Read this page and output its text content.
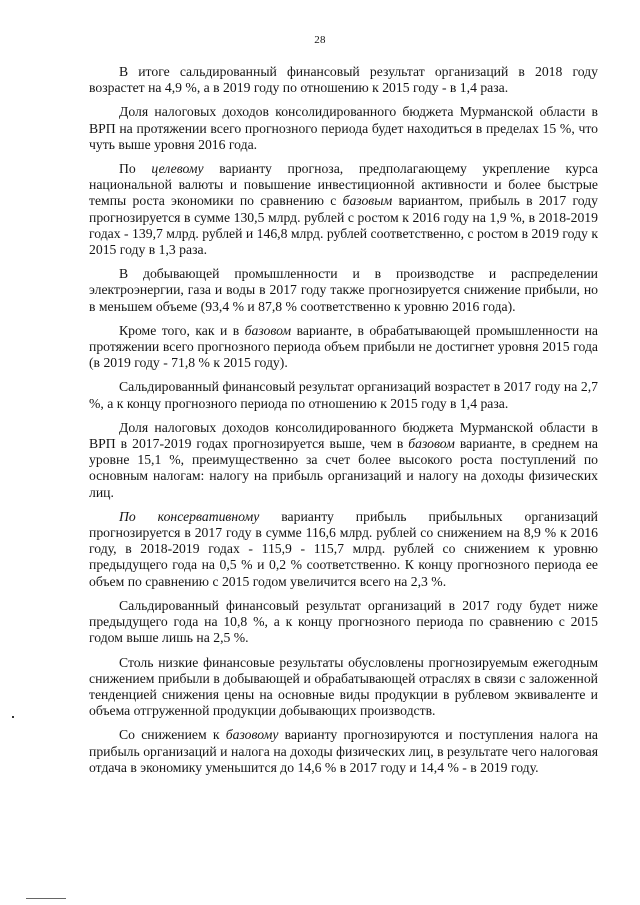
28

В итоге сальдированный финансовый результат организаций в 2018 году возрастет на 4,9 %, а в 2019 году по отношению к 2015 году - в 1,4 раза.

Доля налоговых доходов консолидированного бюджета Мурманской области в ВРП на протяжении всего прогнозного периода будет находиться в пределах 15 %, что чуть выше уровня 2016 года.

По целевому варианту прогноза, предполагающему укрепление курса национальной валюты и повышение инвестиционной активности и более быстрые темпы роста экономики по сравнению с базовым вариантом, прибыль в 2017 году прогнозируется в сумме 130,5 млрд. рублей с ростом к 2016 году на 1,9 %, в 2018-2019 годах - 139,7 млрд. рублей и 146,8 млрд. рублей соответственно, с ростом в 2019 году к 2015 году в 1,3 раза.

В добывающей промышленности и в производстве и распределении электроэнергии, газа и воды в 2017 году также прогнозируется снижение прибыли, но в меньшем объеме (93,4 % и 87,8 % соответственно к уровню 2016 года).

Кроме того, как и в базовом варианте, в обрабатывающей промышленности на протяжении всего прогнозного периода объем прибыли не достигнет уровня 2015 года (в 2019 году - 71,8 % к 2015 году).

Сальдированный финансовый результат организаций возрастет в 2017 году на 2,7 %, а к концу прогнозного периода по отношению к 2015 году в 1,4 раза.

Доля налоговых доходов консолидированного бюджета Мурманской области в ВРП в 2017-2019 годах прогнозируется выше, чем в базовом варианте, в среднем на уровне 15,1 %, преимущественно за счет более высокого роста поступлений по основным налогам: налогу на прибыль организаций и налогу на доходы физических лиц.

По консервативному варианту прибыль прибыльных организаций прогнозируется в 2017 году в сумме 116,6 млрд. рублей со снижением на 8,9 % к 2016 году, в 2018-2019 годах - 115,9 - 115,7 млрд. рублей со снижением к уровню предыдущего года на 0,5 % и 0,2 % соответственно. К концу прогнозного периода ее объем по сравнению с 2015 годом увеличится всего на 2,3 %.

Сальдированный финансовый результат организаций в 2017 году будет ниже предыдущего года на 10,8 %, а к концу прогнозного периода по сравнению с 2015 годом выше лишь на 2,5 %.

Столь низкие финансовые результаты обусловлены прогнозируемым ежегодным снижением прибыли в добывающей и обрабатывающей отраслях в связи с заложенной тенденцией снижения цены на основные виды продукции в рублевом эквиваленте и объема отгруженной продукции добывающих производств.

Со снижением к базовому варианту прогнозируются и поступления налога на прибыль организаций и налога на доходы физических лиц, в результате чего налоговая отдача в экономику уменьшится до 14,6 % в 2017 году и 14,4 % - в 2019 году.
